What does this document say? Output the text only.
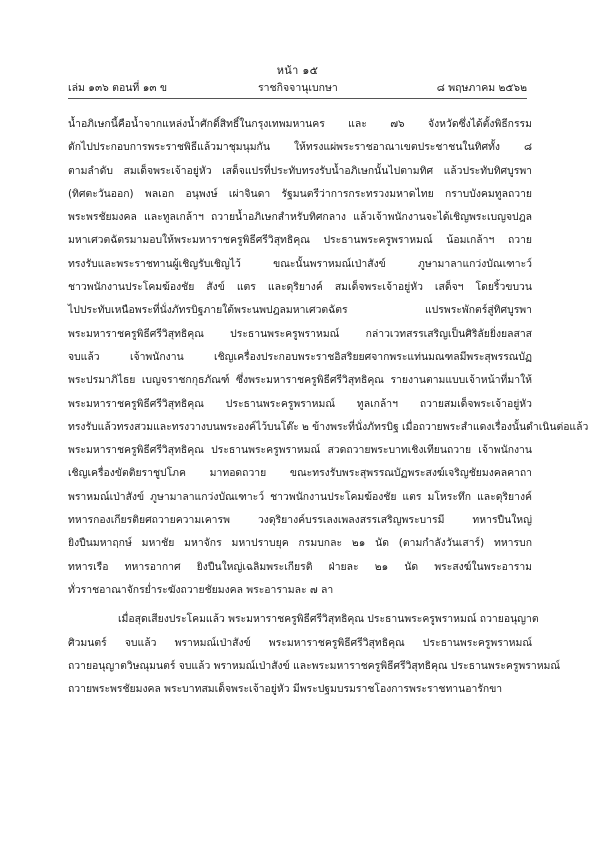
หน้า ๑๕
เล่ม ๑๓๖ ตอนที่ ๑๓ ข	ราชกิจจานุเบกษา	๘ พฤษภาคม ๒๕๖๒
น้ำอภิเษกนี้คือน้ำจากแหล่งน้ำศักดิ์สิทธิ์ในกรุงเทพมหานคร และ ๗๖ จังหวัดซึ่งได้ตั้งพิธีกรรม
ตักไปประกอบการพระราชพิธีแล้วมาชุมนุมกัน ให้ทรงแผ่พระราชอาณาเขตประชาชนในทิศทั้ง ๘
ตามลำดับ สมเด็จพระเจ้าอยู่หัว เสด็จแปรที่ประทับทรงรับน้ำอภิเษกนั้นไปตามทิศ แล้วประทับทิศบูรพา
(ทิศตะวันออก) พลเอก อนุพงษ์ เผ่าจินดา รัฐมนตรีว่าการกระทรวงมหาดไทย กราบบังคมทูลถวาย
พระพรชัยมงคล และทูลเกล้าฯ ถวายน้ำอภิเษกสำหรับทิศกลาง แล้วเจ้าพนักงานจะได้เชิญพระเบญจปฎล
มหาเศวตฉัตรมามอบให้พระมหาราชครูพิธีศรีวิสุทธิคุณ ประธานพระครูพราหมณ์ น้อมเกล้าฯ ถวาย
ทรงรับและพระราชทานผู้เชิญรับเชิญไว้ ขณะนั้นพราหมณ์เป่าสังข์ ภูษามาลาแกว่งบัณเฑาะว์
ชาวพนักงานประโคมฆ้องชัย สังข์ แตร และดุริยางค์ สมเด็จพระเจ้าอยู่หัว เสด็จฯ โดยริ้วขบวน
ไปประทับเหนือพระที่นั่งภัทรบิฐภายใต้พระนพปฎลมหาเศวตฉัตร แปรพระพักตร์สู่ทิศบูรพา
พระมหาราชครูพิธีศรีวิสุทธิคุณ ประธานพระครูพราหมณ์ กล่าวเวทสรรเสริญเป็นศิริลัยยิ่งยลสาส
จบแล้ว เจ้าพนักงาน เชิญเครื่องประกอบพระราชอิสริยยศจากพระแท่นมณฑลมีพระสุพรรณบัฏ
พระปรมาภิไธย เบญจราชกกุธภัณฑ์ ซึ่งพระมหาราชครูพิธีศรีวิสุทธิคุณ รายงานตามแบบเจ้าหน้าที่มาให้
พระมหาราชครูพิธีศรีวิสุทธิคุณ ประธานพระครูพราหมณ์ ทูลเกล้าฯ ถวายสมเด็จพระเจ้าอยู่หัว
ทรงรับแล้วทรงสวมและทรงวางบนพระองค์ไว้บนโต๊ะ ๒ ข้างพระที่นั่งภัทรบิฐ เมื่อถวายพระสำแดงเรื่องนั้นดำเนินต่อแล้ว
พระมหาราชครูพิธีศรีวิสุทธิคุณ ประธานพระครูพราหมณ์ สวดถวายพระบาทเชิงเทียนถวาย เจ้าพนักงาน
เชิญเครื่องขัตติยราชูปโภค มาทอดถวาย ขณะทรงรับพระสุพรรณบัฏพระสงฆ์เจริญชัยมงคลคาถา
พราหมณ์เป่าสังข์ ภูษามาลาแกว่งบัณเฑาะว์ ชาวพนักงานประโคมฆ้องชัย แตร มโหระทึก และดุริยางค์
ทหารกองเกียรติยศถวายความเคารพ วงดุริยางค์บรรเลงเพลงสรรเสริญพระบารมี ทหารปืนใหญ่
ยิงปืนมหาฤกษ์ มหาชัย มหาจักร มหาปราบยุค กรมบกละ ๒๑ นัด (ตามกำลังวันเสาร์) ทหารบก
ทหารเรือ ทหารอากาศ ยิงปืนใหญ่เฉลิมพระเกียรติ ฝ่ายละ ๒๑ นัด พระสงฆ์ในพระอาราม
ทั่วราชอาณาจักรย่ำระฆังถวายชัยมงคล พระอารามละ ๗ ลา
เมื่อสุดเสียงประโคมแล้ว พระมหาราชครูพิธีศรีวิสุทธิคุณ ประธานพระครูพราหมณ์ ถวายอนุญาต
ศิวมนตร์ จบแล้ว พราหมณ์เป่าสังข์ พระมหาราชครูพิธีศรีวิสุทธิคุณ ประธานพระครูพราหมณ์
ถวายอนุญาตวิษณุมนตร์ จบแล้ว พราหมณ์เป่าสังข์ และพระมหาราชครูพิธีศรีวิสุทธิคุณ ประธานพระครูพราหมณ์
ถวายพระพรชัยมงคล พระบาทสมเด็จพระเจ้าอยู่หัว มีพระปฐมบรมราชโองการพระราชทานอารักขา
